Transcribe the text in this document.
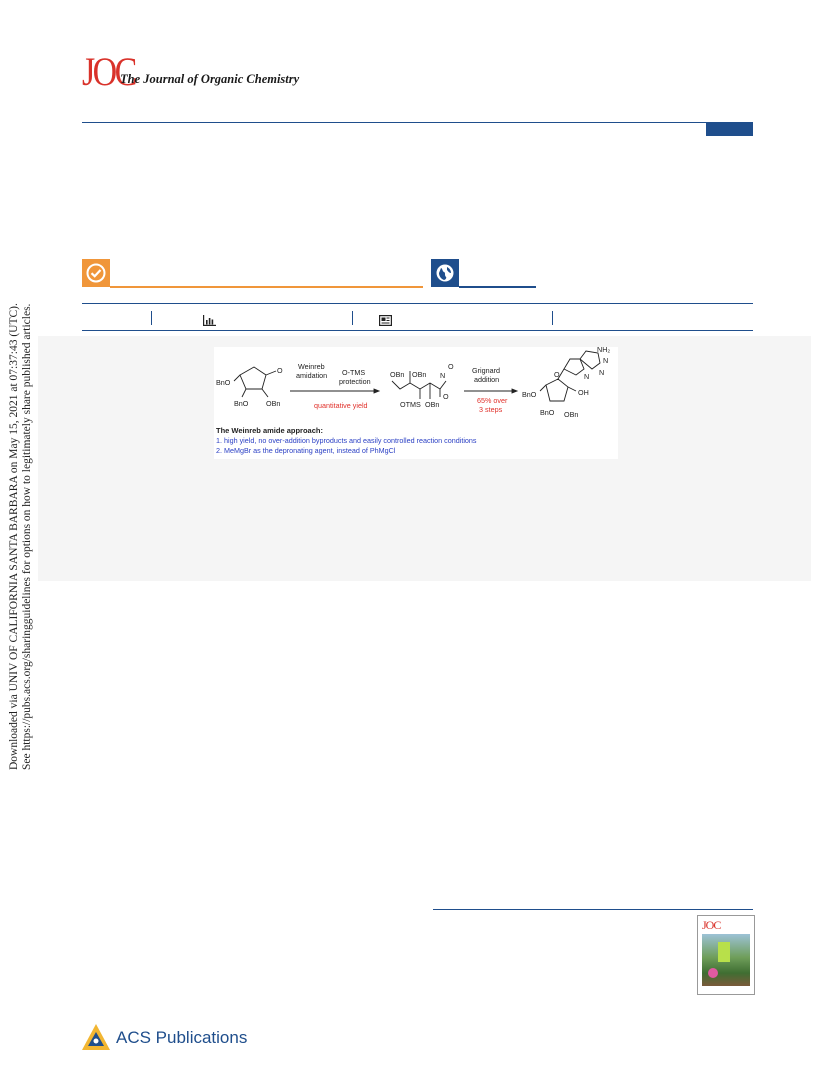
JOC
The Journal of Organic Chemistry
Downloaded via UNIV OF CALIFORNIA SANTA BARBARA on May 15, 2021 at 07:37:43 (UTC). See https://pubs.acs.org/sharingguidelines for options on how to legitimately share published articles.	BnO
BnO OBn
O Weinreb
amidation O-TMS
protection
quantitative yield
OBn OBn N
O
OTMS OBn
O
Grignard
addition
65% over
3 steps
NH₂
N
N
N
BnO
O
OH
BnO OBn
The Weinreb amide approach:
1. high yield, no over-addition byproducts and easily controlled reaction conditions
2. MeMgBr as the depronating agent, instead of PhMgCl
JOC
ACS Publications
